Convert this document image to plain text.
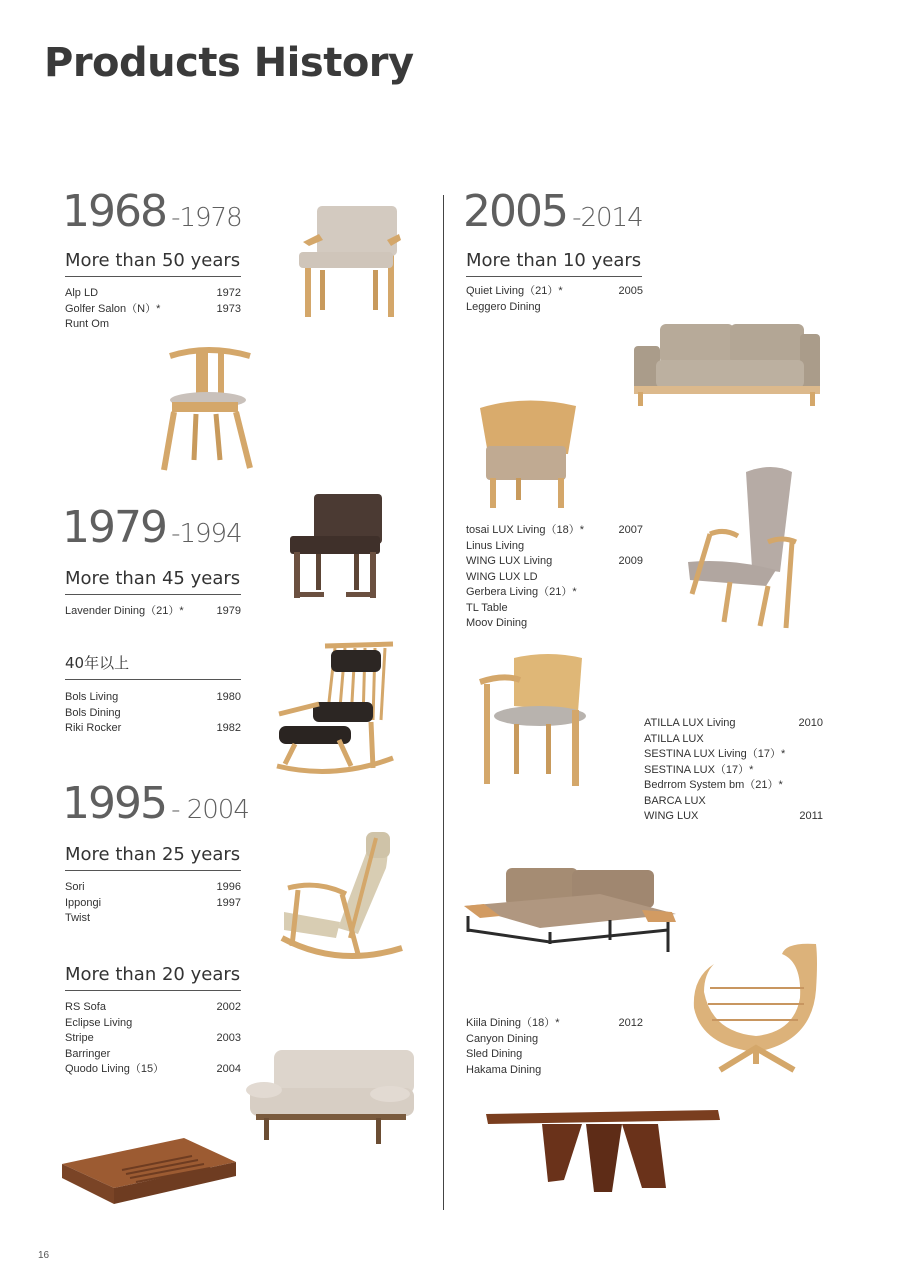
Products History
1968 -1978
More than 50 years
Alp LD	1972
Golfer Salon（N）*	1973
Runt Om
1979 -1994
More than 45 years
Lavender Dining（21）*	1979
40年以上
Bols Living	1980
Bols Dining
Riki Rocker	1982
1995 - 2004
More than 25 years
Sori	1996
Ippongi	1997
Twist
More than 20 years
RS Sofa	2002
Eclipse Living
Stripe	2003
Barringer
Quodo Living（15）	2004
2005 -2014
More than 10 years
Quiet Living（21）*	2005
Leggero Dining
tosai LUX Living（18）*	2007
Linus Living
WING LUX Living	2009
WING LUX LD
Gerbera Living（21）*
TL Table
Moov Dining
ATILLA LUX Living	2010
ATILLA LUX
SESTINA LUX Living（17）*
SESTINA LUX（17）*
Bedrrom System bm（21）*
BARCA LUX
WING LUX	2011
Kiila Dining（18）*	2012
Canyon Dining
Sled Dining
Hakama Dining
16
